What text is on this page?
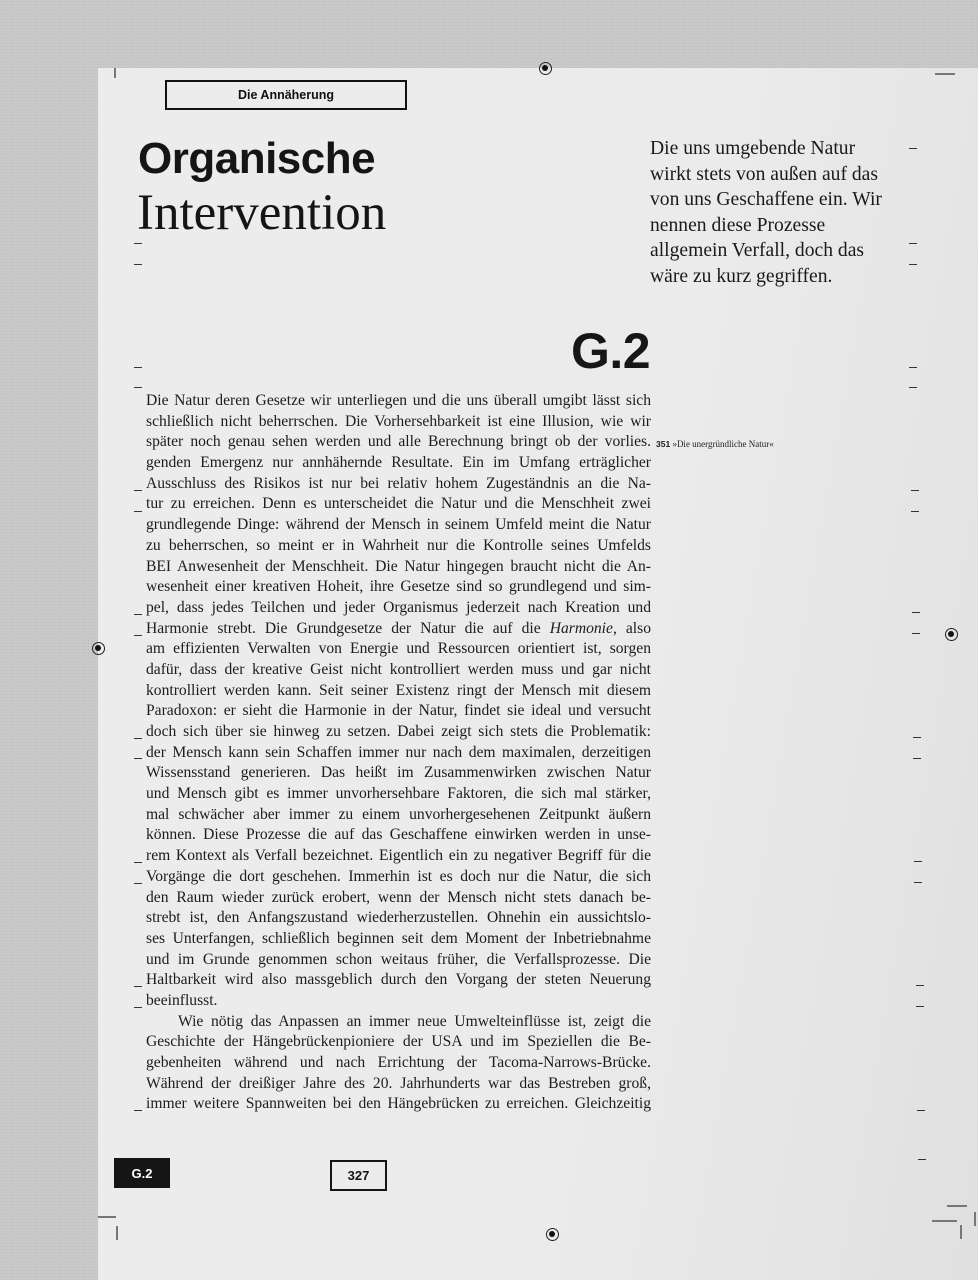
Die Annäherung
Organische
Intervention
Die uns umgebende Natur wirkt stets von außen auf das von uns Geschaffene ein. Wir nennen diese Prozesse allgemein Verfall, doch das wäre zu kurz gegriffen.
G.2
351 »Die unergründliche Natur«
Die Natur deren Gesetze wir unterliegen und die uns überall umgibt lässt sich
schließlich nicht beherrschen. Die Vorhersehbarkeit ist eine Illusion, wie wir
später noch genau sehen werden und alle Berechnung bringt ob der vorlies.
genden Emergenz nur annhähernde Resultate. Ein im Umfang erträglicher
Ausschluss des Risikos ist nur bei relativ hohem Zugeständnis an die Na-
tur zu erreichen. Denn es unterscheidet die Natur und die Menschheit zwei
grundlegende Dinge: während der Mensch in seinem Umfeld meint die Natur
zu beherrschen, so meint er in Wahrheit nur die Kontrolle seines Umfelds
BEI Anwesenheit der Menschheit. Die Natur hingegen braucht nicht die An-
wesenheit einer kreativen Hoheit, ihre Gesetze sind so grundlegend und sim-
pel, dass jedes Teilchen und jeder Organismus jederzeit nach Kreation und
Harmonie strebt. Die Grundgesetze der Natur die auf die Harmonie, also
am effizienten Verwalten von Energie und Ressourcen orientiert ist, sorgen
dafür, dass der kreative Geist nicht kontrolliert werden muss und gar nicht
kontrolliert werden kann. Seit seiner Existenz ringt der Mensch mit diesem
Paradoxon: er sieht die Harmonie in der Natur, findet sie ideal und versucht
doch sich über sie hinweg zu setzen. Dabei zeigt sich stets die Problematik:
der Mensch kann sein Schaffen immer nur nach dem maximalen, derzeitigen
Wissensstand generieren. Das heißt im Zusammenwirken zwischen Natur
und Mensch gibt es immer unvorhersehbare Faktoren, die sich mal stärker,
mal schwächer aber immer zu einem unvorhergesehenen Zeitpunkt äußern
können. Diese Prozesse die auf das Geschaffene einwirken werden in unse-
rem Kontext als Verfall bezeichnet. Eigentlich ein zu negativer Begriff für die
Vorgänge die dort geschehen. Immerhin ist es doch nur die Natur, die sich
den Raum wieder zurück erobert, wenn der Mensch nicht stets danach be-
strebt ist, den Anfangszustand wiederherzustellen. Ohnehin ein aussichtslo-
ses Unterfangen, schließlich beginnen seit dem Moment der Inbetriebnahme
und im Grunde genommen schon weitaus früher, die Verfallsprozesse. Die
Haltbarkeit wird also massgeblich durch den Vorgang der steten Neuerung
beeinflusst.
Wie nötig das Anpassen an immer neue Umwelteinflüsse ist, zeigt die
Geschichte der Hängebrückenpioniere der USA und im Speziellen die Be-
gebenheiten während und nach Errichtung der Tacoma-Narrows-Brücke.
Während der dreißiger Jahre des 20. Jahrhunderts war das Bestreben groß,
immer weitere Spannweiten bei den Hängebrücken zu erreichen. Gleichzeitig
G.2	327
